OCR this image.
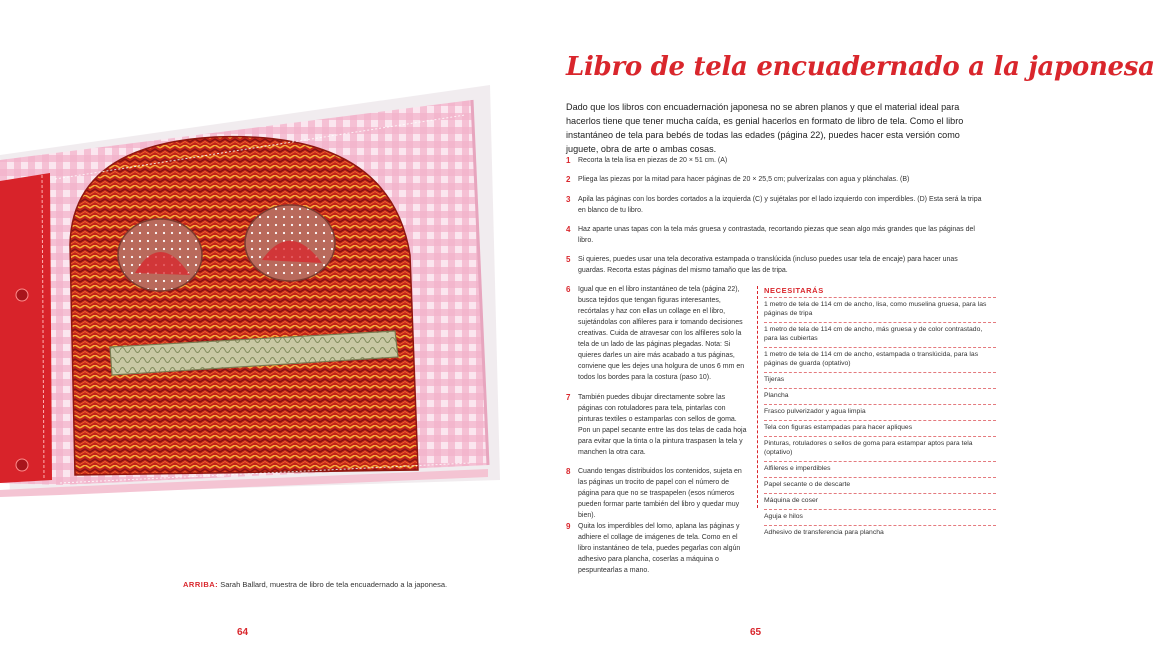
ARRIBA: Sarah Ballard, muestra de libro de tela encuadernado a la japonesa.
64
Libro de tela encuadernado a la japonesa
Dado que los libros con encuadernación japonesa no se abren planos y que el material ideal para hacerlos tiene que tener mucha caída, es genial hacerlos en formato de libro de tela. Como el libro instantáneo de tela para bebés de todas las edades (página 22), puedes hacer esta versión como juguete, obra de arte o ambas cosas.
1 Recorta la tela lisa en piezas de 20 × 51 cm. (A)
2 Pliega las piezas por la mitad para hacer páginas de 20 × 25,5 cm; pulverízalas con agua y plánchalas. (B)
3 Apila las páginas con los bordes cortados a la izquierda (C) y sujétalas por el lado izquierdo con imperdibles. (D) Esta será la tripa en blanco de tu libro.
4 Haz aparte unas tapas con la tela más gruesa y contrastada, recortando piezas que sean algo más grandes que las páginas del libro.
5 Si quieres, puedes usar una tela decorativa estampada o translúcida (incluso puedes usar tela de encaje) para hacer unas guardas. Recorta estas páginas del mismo tamaño que las de tripa.
6 Igual que en el libro instantáneo de tela (página 22), busca tejidos que tengan figuras interesantes, recórtalas y haz con ellas un collage en el libro, sujetándolas con alfileres para ir tomando decisiones creativas. Cuida de atravesar con los alfileres solo la tela de un lado de las páginas plegadas. Nota: Si quieres darles un aire más acabado a tus páginas, conviene que les dejes una holgura de unos 6 mm en todos los bordes para la costura (paso 10).
7 También puedes dibujar directamente sobre las páginas con rotuladores para tela, pintarlas con pinturas textiles o estamparlas con sellos de goma. Pon un papel secante entre las dos telas de cada hoja para evitar que la tinta o la pintura traspasen la tela y manchen la otra cara.
8 Cuando tengas distribuidos los contenidos, sujeta en las páginas un trocito de papel con el número de página para que no se traspapelen (esos números pueden formar parte también del libro y quedar muy bien).
9 Quita los imperdibles del lomo, aplana las páginas y adhiere el collage de imágenes de tela. Como en el libro instantáneo de tela, puedes pegarlas con algún adhesivo para plancha, coserlas a máquina o pespuntearlas a mano.
NECESITARÁS
1 metro de tela de 114 cm de ancho, lisa, como muselina gruesa, para las páginas de tripa
1 metro de tela de 114 cm de ancho, más gruesa y de color contrastado, para las cubiertas
1 metro de tela de 114 cm de ancho, estampada o translúcida, para las páginas de guarda (optativo)
Tijeras
Plancha
Frasco pulverizador y agua limpia
Tela con figuras estampadas para hacer apliques
Pinturas, rotuladores o sellos de goma para estampar aptos para tela (optativo)
Alfileres e imperdibles
Papel secante o de descarte
Máquina de coser
Aguja e hilos
Adhesivo de transferencia para plancha
65
